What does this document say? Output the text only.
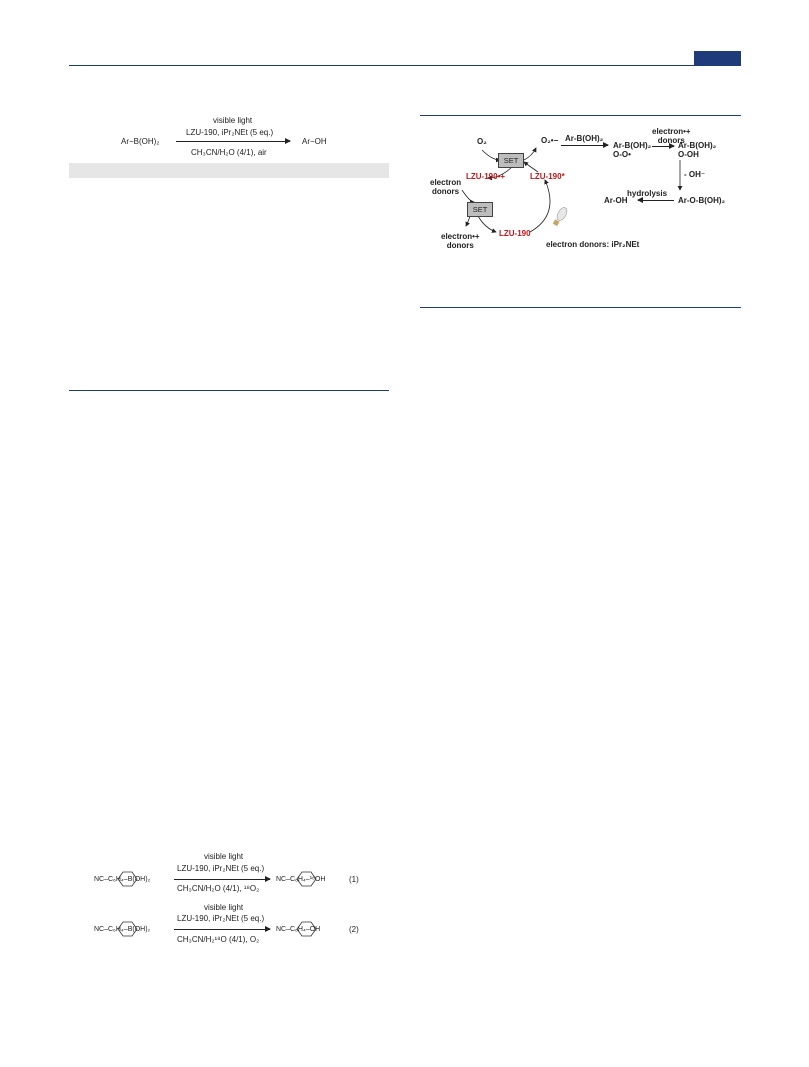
visible light
LZU-190, iPr₂NEt (5 eq.)
Ar−B(OH)₂	Ar−OH
CH₃CN/H₂O (4/1), air
O₂	O₂•−
SET
LZU-190•+	LZU-190*
electron
donors
SET
LZU-190
electron•+
donors
Ar-B(OH)₂
Ar-B(OH)₂
O-O•
electron•+
donors
Ar-B(OH)₂
O-OH
- OH⁻
Ar-O-B(OH)₂
hydrolysis
Ar-OH
electron donors: iPr₂NEt
visible light
LZU-190, iPr₂NEt (5 eq.)
NC–C₆H₄–B(OH)₂	NC–C₆H₄–¹⁸OH	(1)
CH₃CN/H₂O (4/1), ¹⁸O₂
visible light
LZU-190, iPr₂NEt (5 eq.)
NC–C₆H₄–B(OH)₂	NC–C₆H₄–OH	(2)
CH₃CN/H₂¹⁸O (4/1), O₂
